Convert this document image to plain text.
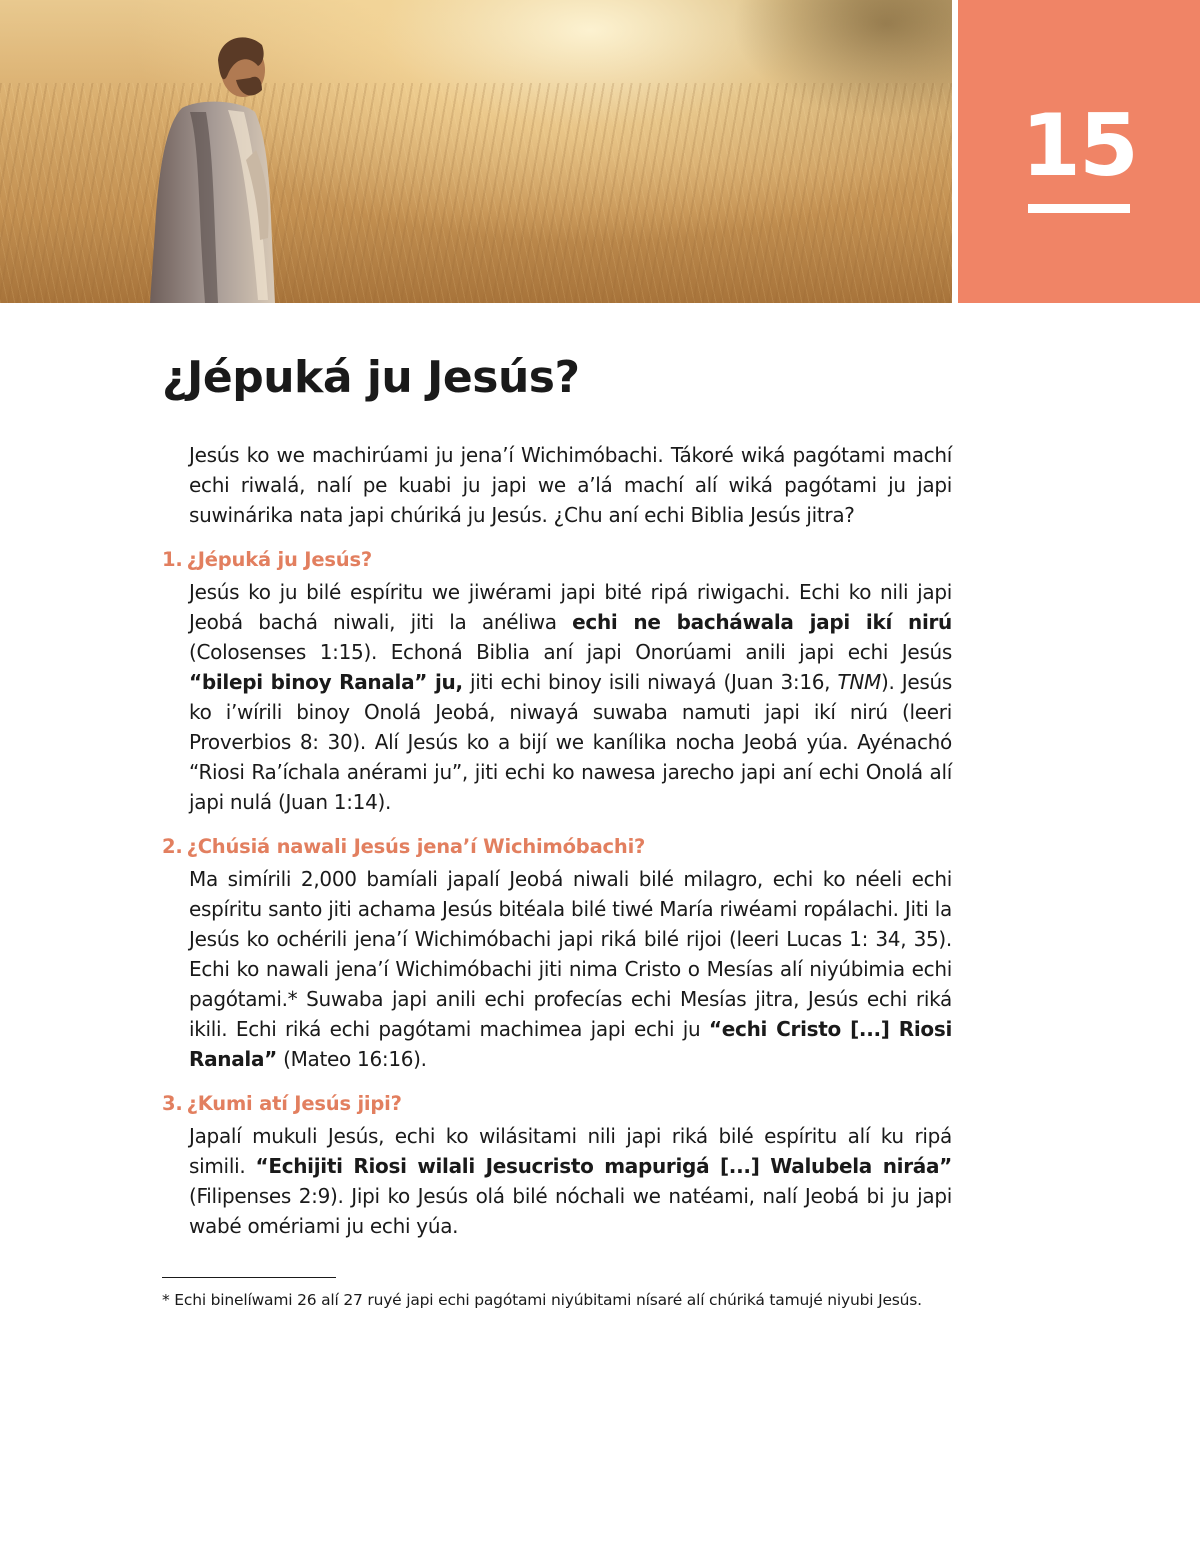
15
¿Jépuká ju Jesús?

Jesús ko we machirúami ju jena’í Wichimóbachi. Tákoré wiká pagótami machí echi riwalá, nalí pe kuabi ju japi we a’lá machí alí wiká pagótami ju japi suwinárika nata japi chúriká ju Jesús. ¿Chu aní echi Biblia Jesús jitra?

1. ¿Jépuká ju Jesús?

Jesús ko ju bilé espíritu we jiwérami japi bité ripá riwigachi. Echi ko nili japi Jeobá bachá niwali, jiti la anéliwa echi ne bacháwala japi ikí nirú (Colosenses 1:15). Echoná Biblia aní japi Onorúami anili japi echi Jesús “bilepi binoy Ranala” ju, jiti echi binoy isili niwayá (Juan 3:16, TNM). Jesús ko i’wírili binoy Onolá Jeobá, niwayá suwaba namuti japi ikí nirú (leeri Proverbios 8: 30). Alí Jesús ko a bijí we kanílika nocha Jeobá yúa. Ayénachó “Riosi Ra’íchala anérami ju”, jiti echi ko nawesa jarecho japi aní echi Onolá alí japi nulá (Juan 1:14).

2. ¿Chúsiá nawali Jesús jena’í Wichimóbachi?

Ma simírili 2,000 bamíali japalí Jeobá niwali bilé milagro, echi ko néeli echi espíritu santo jiti achama Jesús bitéala bilé tiwé María riwéami ropálachi. Jiti la Jesús ko ochérili jena’í Wichimóbachi japi riká bilé rijoi (leeri Lucas 1: 34, 35). Echi ko nawali jena’í Wichimóbachi jiti nima Cristo o Mesías alí niyúbimia echi pagótami.* Suwaba japi anili echi profecías echi Mesías jitra, Jesús echi riká ikili. Echi riká echi pagótami machimea japi echi ju “echi Cristo [...] Riosi Ranala” (Mateo 16:16).

3. ¿Kumi atí Jesús jipi?

Japalí mukuli Jesús, echi ko wilásitami nili japi riká bilé espíritu alí ku ripá simili. “Echijiti Riosi wilali Jesucristo mapurigá [...] Walubela niráa” (Filipenses 2:9). Jipi ko Jesús olá bilé nóchali we natéami, nalí Jeobá bi ju japi wabé omériami ju echi yúa.

* Echi binelíwami 26 alí 27 ruyé japi echi pagótami niyúbitami nísaré alí chúriká tamujé niyubi Jesús.
